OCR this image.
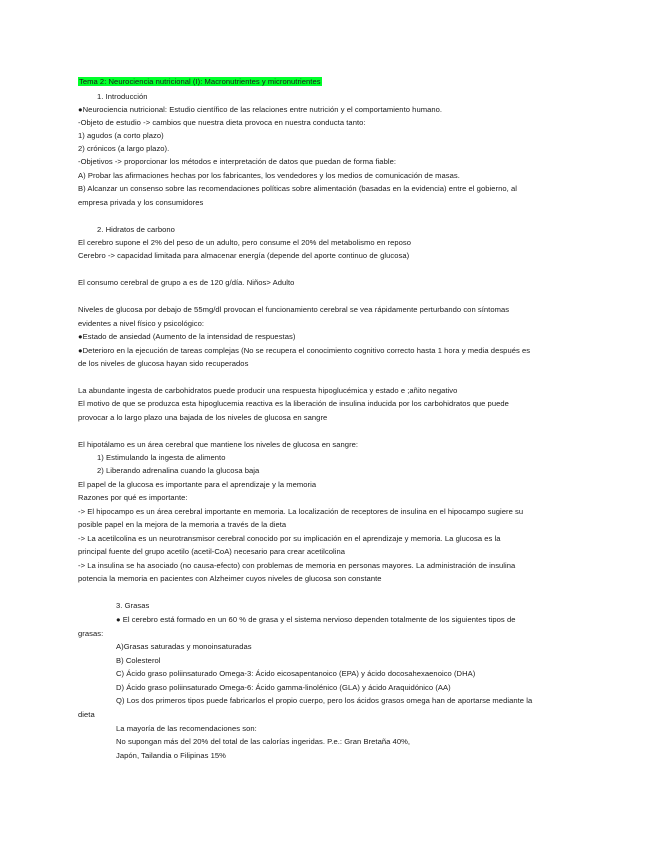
Tema 2: Neurociencia nutricional (I): Macronutrientes y micronutrientes
1. Introducción
●Neurociencia nutricional: Estudio científico de las relaciones entre nutrición y el comportamiento humano.
-Objeto de estudio -> cambios que nuestra dieta provoca en nuestra conducta tanto:
1) agudos (a corto plazo)
2) crónicos (a largo plazo).
-Objetivos -> proporcionar los métodos e interpretación de datos que puedan de forma fiable:
A) Probar las afirmaciones hechas por los fabricantes, los vendedores y los medios de comunicación de masas.
B) Alcanzar un consenso sobre las recomendaciones políticas sobre alimentación (basadas en la evidencia) entre el gobierno, al
empresa privada y los consumidores
2. Hidratos de carbono
El cerebro supone el 2% del peso de un adulto, pero consume el 20% del metabolismo en reposo
Cerebro -> capacidad limitada para almacenar energía (depende del aporte continuo de glucosa)
El consumo cerebral de grupo a es de 120 g/día. Niños> Adulto
Niveles de glucosa por debajo de 55mg/dl provocan el funcionamiento cerebral se vea rápidamente perturbando con síntomas
evidentes a nivel físico y psicológico:
●Estado de ansiedad (Aumento de la intensidad de respuestas)
●Deterioro en la ejecución de tareas complejas (No se recupera el conocimiento cognitivo correcto hasta 1 hora y media después es
de los niveles de glucosa hayan sido recuperados
La abundante ingesta de carbohidratos puede producir una respuesta hipoglucémica y estado e ;añito negativo
El motivo de que se produzca esta hipoglucemia reactiva es la liberación de insulina inducida por los carbohidratos que puede
provocar a lo largo plazo una bajada de los niveles de glucosa en sangre
El hipotálamo es un área cerebral que mantiene los niveles de glucosa en sangre:
1) Estimulando la ingesta de alimento
2) Liberando adrenalina cuando la glucosa baja
El papel de la glucosa es importante para el aprendizaje y la memoria
Razones por qué es importante:
-> El hipocampo es un área cerebral importante en memoria. La localización de receptores de insulina en el hipocampo sugiere su
posible papel en la mejora de la memoria a través de la dieta
-> La acetilcolina es un neurotransmisor cerebral conocido por su implicación en el aprendizaje y memoria. La glucosa es la
principal fuente del grupo acetilo (acetil-CoA) necesario para crear acetilcolina
-> La insulina se ha asociado (no causa-efecto) con problemas de memoria en personas mayores. La administración de insulina
potencia la memoria en pacientes con Alzheimer cuyos niveles de glucosa son constante
3. Grasas
● El cerebro está formado en un 60 % de grasa y el sistema nervioso dependen totalmente de los siguientes tipos de
grasas:
A)Grasas saturadas y monoinsaturadas
B) Colesterol
C) Ácido graso poliinsaturado Omega-3: Ácido eicosapentanoico (EPA) y ácido docosahexaenoico (DHA)
D) Ácido graso poliinsaturado Omega-6: Ácido gamma-linolénico (GLA) y ácido Araquidónico (AA)
Q) Los dos primeros tipos puede fabricarlos el propio cuerpo, pero los ácidos grasos omega han de aportarse mediante la
dieta
La mayoría de las recomendaciones son:
No supongan más del 20% del total de las calorías ingeridas. P.e.: Gran Bretaña 40%,
Japón, Tailandia o Filipinas 15%
